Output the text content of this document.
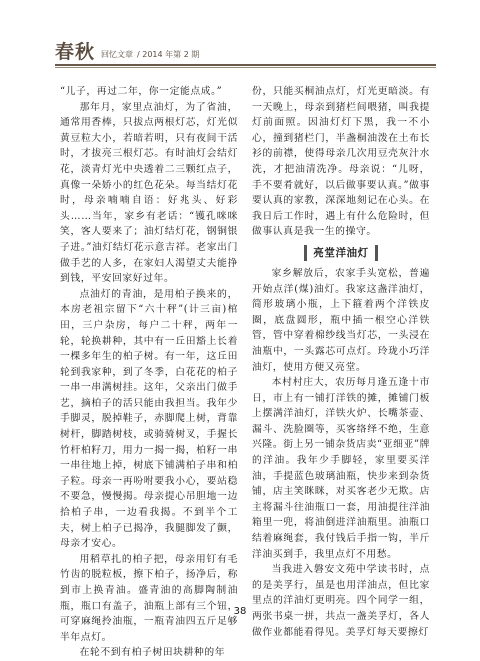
春秋 回忆文章 / 2014 年第 2 期

“儿子，再过二年，你一定能点成。”

那年月，家里点油灯，为了省油，通常用香棒，只拔点两根灯芯，灯光似黄豆粒大小，若暗若明，只有夜间干活时，才拔亮三根灯芯。有时油灯会结灯花，淡青灯光中央透着二三颗红点子，真像一朵娇小的红色花朵。每当结灯花时，母亲喃喃自语：好兆头、好彩头……当年，家乡有老话：“镬孔咪咪笑，客人要来了；油灯结灯花，钢铜银子进。”油灯结灯花示意吉祥。老家出门做手艺的人多，在家妇人渴望丈夫能挣到钱，平安回家好过年。

点油灯的青油，是用柏子换来的，本房老祖宗留下“六十秤”(计三亩)棺田，三户杂房，每户二十秤，两年一轮，轮换耕种，其中有一丘田豁上长着一棵多年生的柏子树。有一年，这丘田轮到我家种，到了冬季，白花花的柏子一串一串满树挂。这年，父亲出门做手艺，摘柏子的活只能由我担当。我年少手脚灵，脱掉鞋子，赤脚爬上树，背靠树杆，脚踏树枝，或骑骑树叉，手握长竹杆柏籽刀，用力一揭一揭，柏籽一串一串往地上掉，树底下铺满柏子串和柏子粒。母亲一再吩咐要我小心，要站稳不要急，慢慢揭。母亲提心吊胆地一边拾柏子串，一边看我揭。不到半个工夫，树上柏子已揭净，我腿脚发了颤，母亲才安心。

用稻草扎的柏子把，母亲用钉有毛竹齿的脱粒板，擦下柏子，扬净后，称到市上换青油。盛青油的高脚陶制油瓶，瓶口有盖子，油瓶上部有三个钮，可穿麻绳拎油瓶，一瓶青油四五斤足够半年点灯。

在轮不到有柏子树田块耕种的年

份，只能买桐油点灯，灯光更暗淡。有一天晚上，母亲到猪栏间喂猪，叫我提灯前面照。因油灯灯下黑，我一不小心，撞到猪栏门，半盏桐油泼在土布长衫的前襟，使得母亲几次用豆壳灰汁水洗，才把油清洗净。母亲说：“儿呀，手不要肴就好，以后做事要认真。”做事要认真的家教，深深地刻记在心头。在我日后工作时，遇上有什么危险时，但做事认真是我一生的操守。

亮堂洋油灯

家乡解放后，农家手头宽松，普遍开始点洋(煤)油灯。我家这盏洋油灯，简形玻璃小瓶，上下箍着两个洋铁皮圈，底盘圆形，瓶中插一根空心洋铁管，管中穿着棉纱线当灯芯，一头浸在油瓶中，一头露芯可点灯。玲珑小巧洋油灯，使用方便又亮堂。

本村村庄大，农历每月逢五逢十市日，市上有一铺打洋铁的摊，摊铺门板上摆满洋油灯，洋铁火炉、长嘴茶壶、漏斗、洗脸圈等，买客络绎不绝，生意兴隆。街上另一铺杂货店卖“亚细亚”牌的洋油。我年少手脚轻，家里要买洋油，手提蓝色玻璃油瓶，快步来到杂货铺，店主笑眯眯，对买客老少无欺。店主将漏斗往油瓶口一套，用油提往洋油箱里一兜，将油倒进洋油瓶里。油瓶口结着麻绳套，我付钱后手指一钩，半斤洋油买到手，我里点灯不用愁。

当我进入磐安文苑中学读书时，点的是美孚行，虽是也用洋油点，但比家里点的洋油灯更明亮。四个同学一组，两张书桌一拼，共点一盏美孚灯，各人做作业都能看得见。美孚灯每天要擦灯

38
